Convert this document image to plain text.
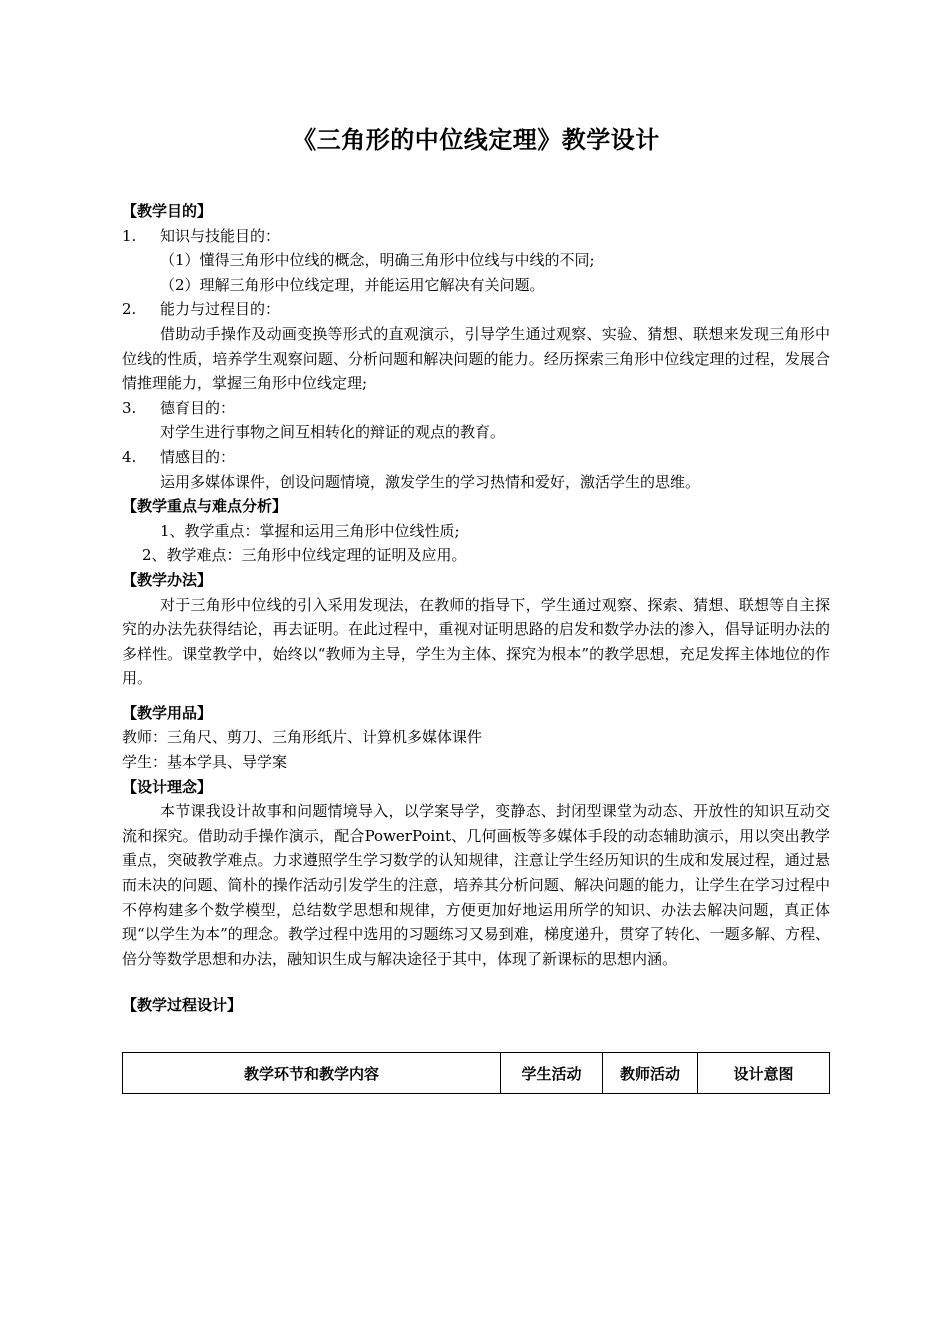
《三角形的中位线定理》教学设计
【教学目的】
1. 知识与技能目的：
（1）懂得三角形中位线的概念，明确三角形中位线与中线的不同;
（2）理解三角形中位线定理，并能运用它解决有关问题。
2. 能力与过程目的：
借助动手操作及动画变换等形式的直观演示，引导学生通过观察、实验、猜想、联想来发现三角形中位线的性质，培养学生观察问题、分析问题和解决问题的能力。经历探索三角形中位线定理的过程，发展合情推理能力，掌握三角形中位线定理;
3. 德育目的：
对学生进行事物之间互相转化的辩证的观点的教育。
4. 情感目的：
运用多媒体课件，创设问题情境，激发学生的学习热情和爱好，激活学生的思维。
【教学重点与难点分析】
1、教学重点：掌握和运用三角形中位线性质;
2、教学难点：三角形中位线定理的证明及应用。
【教学办法】
对于三角形中位线的引入采用发现法，在教师的指导下，学生通过观察、探索、猜想、联想等自主探究的办法先获得结论，再去证明。在此过程中，重视对证明思路的启发和数学办法的渗入，倡导证明办法的多样性。课堂教学中，始终以“教师为主导，学生为主体、探究为根本”的教学思想，充足发挥主体地位的作用。
【教学用品】
教师：三角尺、剪刀、三角形纸片、计算机多媒体课件
学生：基本学具、导学案
【设计理念】
本节课我设计故事和问题情境导入，以学案导学，变静态、封闭型课堂为动态、开放性的知识互动交流和探究。借助动手操作演示，配合PowerPoint、几何画板等多媒体手段的动态辅助演示，用以突出教学重点，突破教学难点。力求遵照学生学习数学的认知规律，注意让学生经历知识的生成和发展过程，通过悬而未决的问题、简朴的操作活动引发学生的注意，培养其分析问题、解决问题的能力，让学生在学习过程中不停构建多个数学模型，总结数学思想和规律，方便更加好地运用所学的知识、办法去解决问题，真正体现“以学生为本”的理念。教学过程中选用的习题练习又易到难，梯度递升，贯穿了转化、一题多解、方程、倍分等数学思想和办法，融知识生成与解决途径于其中，体现了新课标的思想内涵。
【教学过程设计】
教学环节和教学内容	学生活动	教师活动	设计意图
